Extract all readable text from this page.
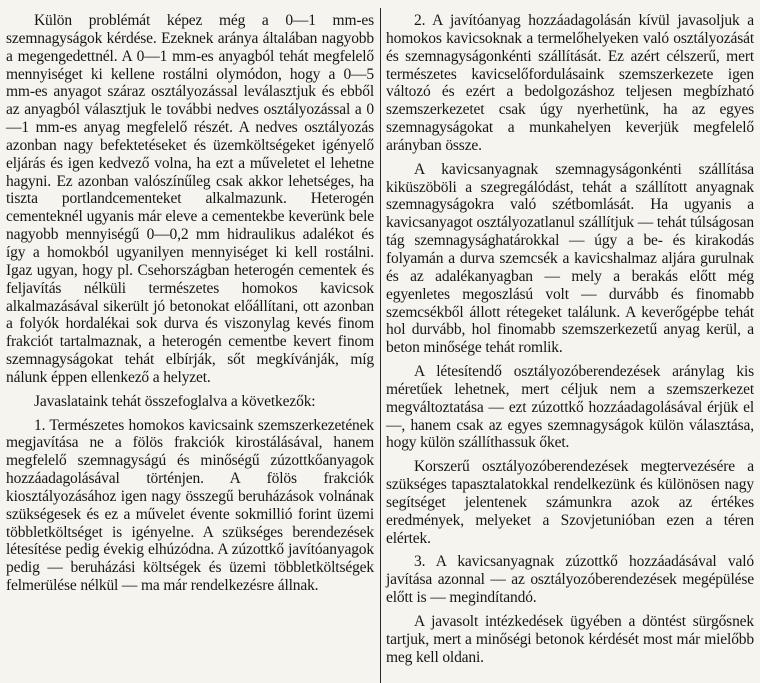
Külön problémát képez még a 0—1 mm-es szemnagyságok kérdése. Ezeknek aránya általában nagyobb a megengedettnél. A 0—1 mm-es anyagból tehát megfelelő mennyiséget ki kellene rostálni olymódon, hogy a 0—5 mm-es anyagot száraz osztályozással leválasztjuk és ebből az anyagból választjuk le további nedves osztályozással a 0—1 mm-es anyag megfelelő részét. A nedves osztályozás azonban nagy befektetéseket és üzemköltségeket igényelő eljárás és igen kedvező volna, ha ezt a műveletet el lehetne hagyni. Ez azonban valószínűleg csak akkor lehetséges, ha tiszta portlandcementeket alkalmazunk. Heterogén cementeknél ugyanis már eleve a cementekbe keverünk bele nagyobb mennyiségű 0—0,2 mm hidraulikus adalékot és így a homokból ugyanilyen mennyiséget ki kell rostálni. Igaz ugyan, hogy pl. Csehországban heterogén cementek és feljavítás nélküli természetes homokos kavicsok alkalmazásával sikerült jó betonokat előállítani, ott azonban a folyók hordalékai sok durva és viszonylag kevés finom frakciót tartalmaznak, a heterogén cementbe kevert finom szemnagyságokat tehát elbírják, sőt megkívánják, míg nálunk éppen ellenkező a helyzet.

Javaslataink tehát összefoglalva a következők:

1. Természetes homokos kavicsaink szemszerkezetének megjavítása ne a fölös frakciók kirostálásával, hanem megfelelő szemnagyságú és minőségű zúzottkőanyagok hozzáadagolásával történjen. A fölös frakciók kiosztályozásához igen nagy összegű beruházások volnának szükségesek és ez a művelet évente sokmillió forint üzemi többletköltséget is igényelne. A szükséges berendezések létesítése pedig évekig elhúzódna. A zúzottkő javítóanyagok pedig — beruházási költségek és üzemi többletköltségek felmerülése nélkül — ma már rendelkezésre állnak.

2. A javítóanyag hozzáadagolásán kívül javasoljuk a homokos kavicsoknak a termelőhelyeken való osztályozását és szemnagyságonkénti szállítását. Ez azért célszerű, mert természetes kavicselőfordulásaink szemszerkezete igen változó és ezért a bedolgozáshoz teljesen megbízható szemszerkezetet csak úgy nyerhetünk, ha az egyes szemnagyságokat a munkahelyen keverjük megfelelő arányban össze.

A kavicsanyagnak szemnagyságonkénti szállítása kiküszöböli a szegregálódást, tehát a szállított anyagnak szemnagyságokra való szétbomlását. Ha ugyanis a kavicsanyagot osztályozatlanul szállítjuk — tehát túlságosan tág szemnagysághatárokkal — úgy a be- és kirakodás folyamán a durva szemcsék a kavicshalmaz aljára gurulnak és az adalékanyagban — mely a berakás előtt még egyenletes megoszlású volt — durvább és finomabb szemcsékből állott rétegeket találunk. A keverőgépbe tehát hol durvább, hol finomabb szemszerkezetű anyag kerül, a beton minősége tehát romlik.

A létesítendő osztályozóberendezések aránylag kis méretűek lehetnek, mert céljuk nem a szemszerkezet megváltoztatása — ezt zúzottkő hozzáadagolásával érjük el —, hanem csak az egyes szemnagyságok külön választása, hogy külön szállíthassuk őket.

Korszerű osztályozóberendezések megtervezésére a szükséges tapasztalatokkal rendelkezünk és különösen nagy segítséget jelentenek számunkra azok az értékes eredmények, melyeket a Szovjetunióban ezen a téren elértek.

3. A kavicsanyagnak zúzottkő hozzáadásával való javítása azonnal — az osztályozóberendezések megépülése előtt is — megindítandó.

A javasolt intézkedések ügyében a döntést sürgősnek tartjuk, mert a minőségi betonok kérdését most már mielőbb meg kell oldani.
